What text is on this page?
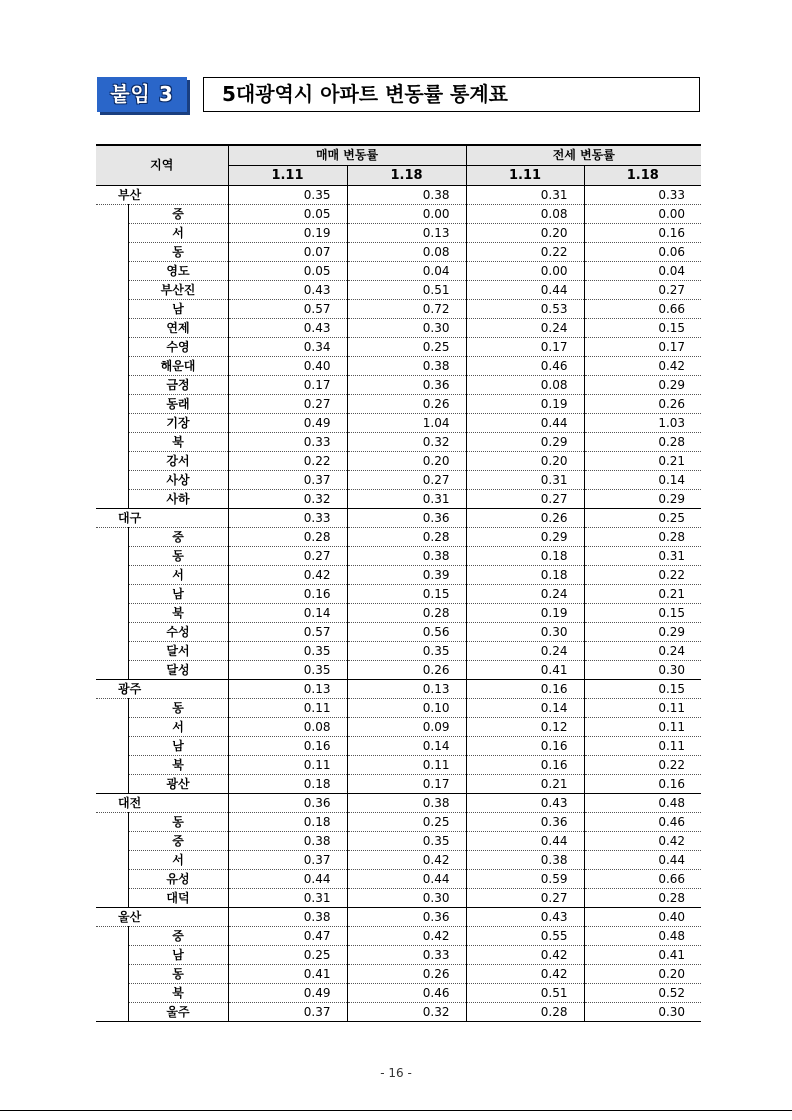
붙임 3	5대광역시 아파트 변동률 통계표
지역		매매 변동률		전세 변동률	
		1.11	1.18	1.11	1.18
부산		0.35	0.38	0.31	0.33
	중	0.05	0.00	0.08	0.00
	서	0.19	0.13	0.20	0.16
	동	0.07	0.08	0.22	0.06
	영도	0.05	0.04	0.00	0.04
	부산진	0.43	0.51	0.44	0.27
	남	0.57	0.72	0.53	0.66
	연제	0.43	0.30	0.24	0.15
	수영	0.34	0.25	0.17	0.17
	해운대	0.40	0.38	0.46	0.42
	금정	0.17	0.36	0.08	0.29
	동래	0.27	0.26	0.19	0.26
	기장	0.49	1.04	0.44	1.03
	북	0.33	0.32	0.29	0.28
	강서	0.22	0.20	0.20	0.21
	사상	0.37	0.27	0.31	0.14
	사하	0.32	0.31	0.27	0.29
대구		0.33	0.36	0.26	0.25
	중	0.28	0.28	0.29	0.28
	동	0.27	0.38	0.18	0.31
	서	0.42	0.39	0.18	0.22
	남	0.16	0.15	0.24	0.21
	북	0.14	0.28	0.19	0.15
	수성	0.57	0.56	0.30	0.29
	달서	0.35	0.35	0.24	0.24
	달성	0.35	0.26	0.41	0.30
광주		0.13	0.13	0.16	0.15
	동	0.11	0.10	0.14	0.11
	서	0.08	0.09	0.12	0.11
	남	0.16	0.14	0.16	0.11
	북	0.11	0.11	0.16	0.22
	광산	0.18	0.17	0.21	0.16
대전		0.36	0.38	0.43	0.48
	동	0.18	0.25	0.36	0.46
	중	0.38	0.35	0.44	0.42
	서	0.37	0.42	0.38	0.44
	유성	0.44	0.44	0.59	0.66
	대덕	0.31	0.30	0.27	0.28
울산		0.38	0.36	0.43	0.40
	중	0.47	0.42	0.55	0.48
	남	0.25	0.33	0.42	0.41
	동	0.41	0.26	0.42	0.20
	북	0.49	0.46	0.51	0.52
	울주	0.37	0.32	0.28	0.30
- 16 -
